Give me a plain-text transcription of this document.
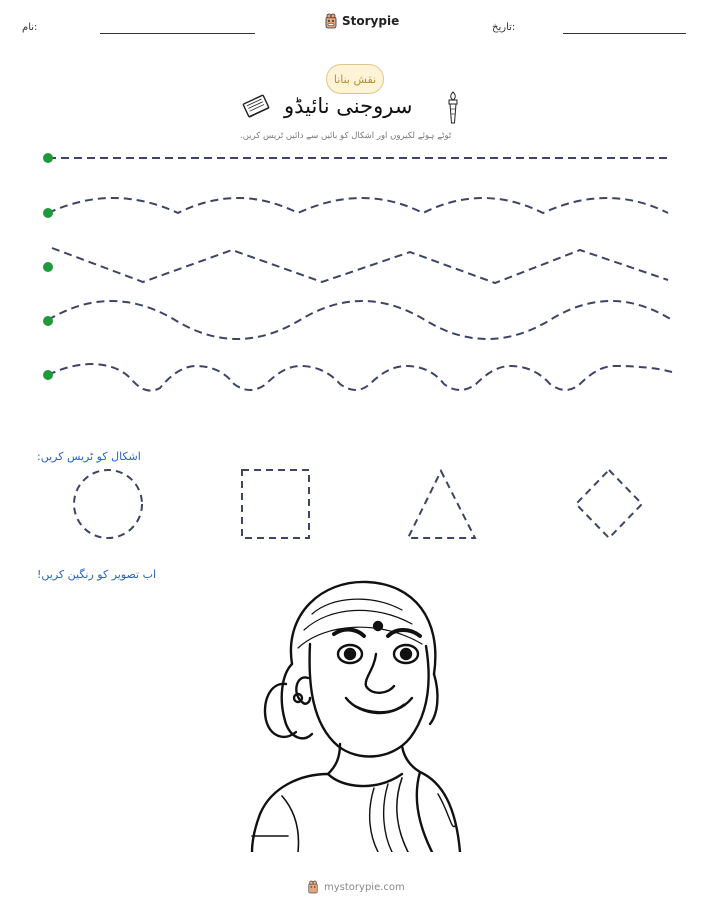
نام:	Storypie	تاریخ:
نقش بنانا
سروجنی نائیڈو
ٹوٹے ہوئے لکیروں اور اشکال کو بائیں سے دائیں ٹریس کریں.
اشکال کو ٹریس کریں:
اب تصویر کو رنگین کریں!
mystorypie.com
